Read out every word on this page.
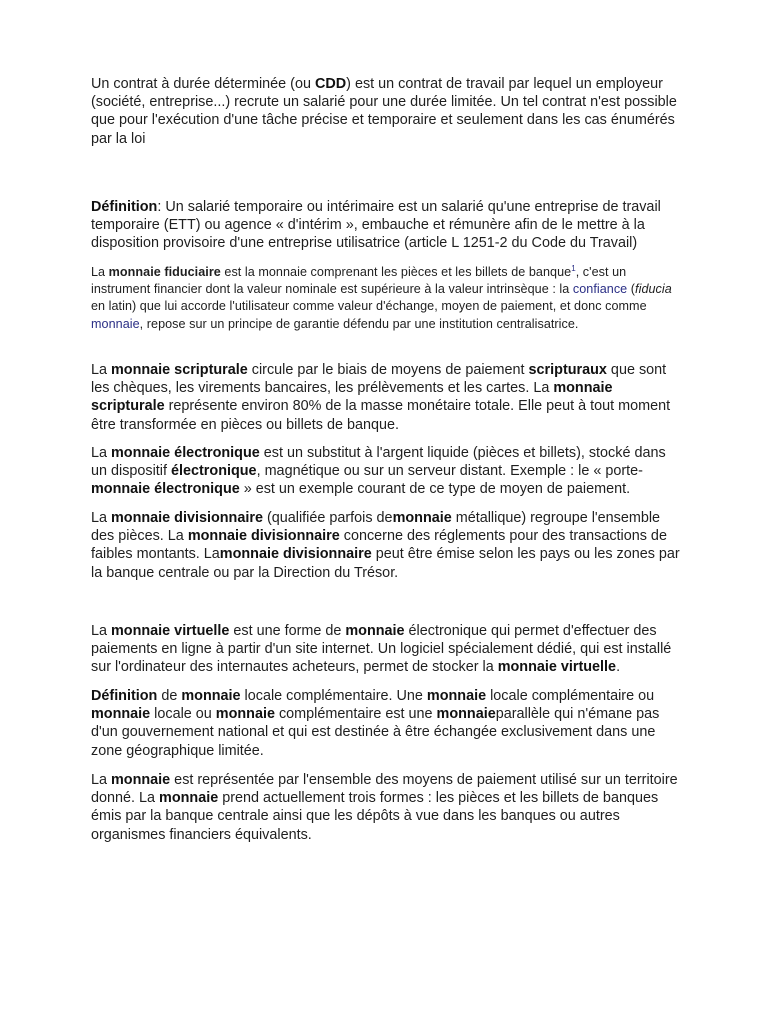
Un contrat à durée déterminée (ou CDD) est un contrat de travail par lequel un employeur (société, entreprise...) recrute un salarié pour une durée limitée. Un tel contrat n'est possible que pour l'exécution d'une tâche précise et temporaire et seulement dans les cas énumérés par la loi

Définition: Un salarié temporaire ou intérimaire est un salarié qu'une entreprise de travail temporaire (ETT) ou agence « d'intérim », embauche et rémunère afin de le mettre à la disposition provisoire d'une entreprise utilisatrice (article L 1251-2 du Code du Travail)

La monnaie fiduciaire est la monnaie comprenant les pièces et les billets de banque$^1$, c'est un instrument financier dont la valeur nominale est supérieure à la valeur intrinsèque : la confiance (fiducia en latin) que lui accorde l'utilisateur comme valeur d'échange, moyen de paiement, et donc comme monnaie, repose sur un principe de garantie défendu par une institution centralisatrice.

La monnaie scripturale circule par le biais de moyens de paiement scripturaux que sont les chèques, les virements bancaires, les prélèvements et les cartes. La monnaie scripturale représente environ 80% de la masse monétaire totale. Elle peut à tout moment être transformée en pièces ou billets de banque.

La monnaie électronique est un substitut à l'argent liquide (pièces et billets), stocké dans un dispositif électronique, magnétique ou sur un serveur distant. Exemple : le « porte-monnaie électronique » est un exemple courant de ce type de moyen de paiement.

La monnaie divisionnaire (qualifiée parfois demonnaie métallique) regroupe l'ensemble des pièces. La monnaie divisionnaire concerne des réglements pour des transactions de faibles montants. Lamonnaie divisionnaire peut être émise selon les pays ou les zones par la banque centrale ou par la Direction du Trésor.

La monnaie virtuelle est une forme de monnaie électronique qui permet d'effectuer des paiements en ligne à partir d'un site internet. Un logiciel spécialement dédié, qui est installé sur l'ordinateur des internautes acheteurs, permet de stocker la monnaie virtuelle.

Définition de monnaie locale complémentaire. Une monnaie locale complémentaire ou monnaie locale ou monnaie complémentaire est une monnaieparallèle qui n'émane pas d'un gouvernement national et qui est destinée à être échangée exclusivement dans une zone géographique limitée.

La monnaie est représentée par l'ensemble des moyens de paiement utilisé sur un territoire donné. La monnaie prend actuellement trois formes : les pièces et les billets de banques émis par la banque centrale ainsi que les dépôts à vue dans les banques ou autres organismes financiers équivalents.
